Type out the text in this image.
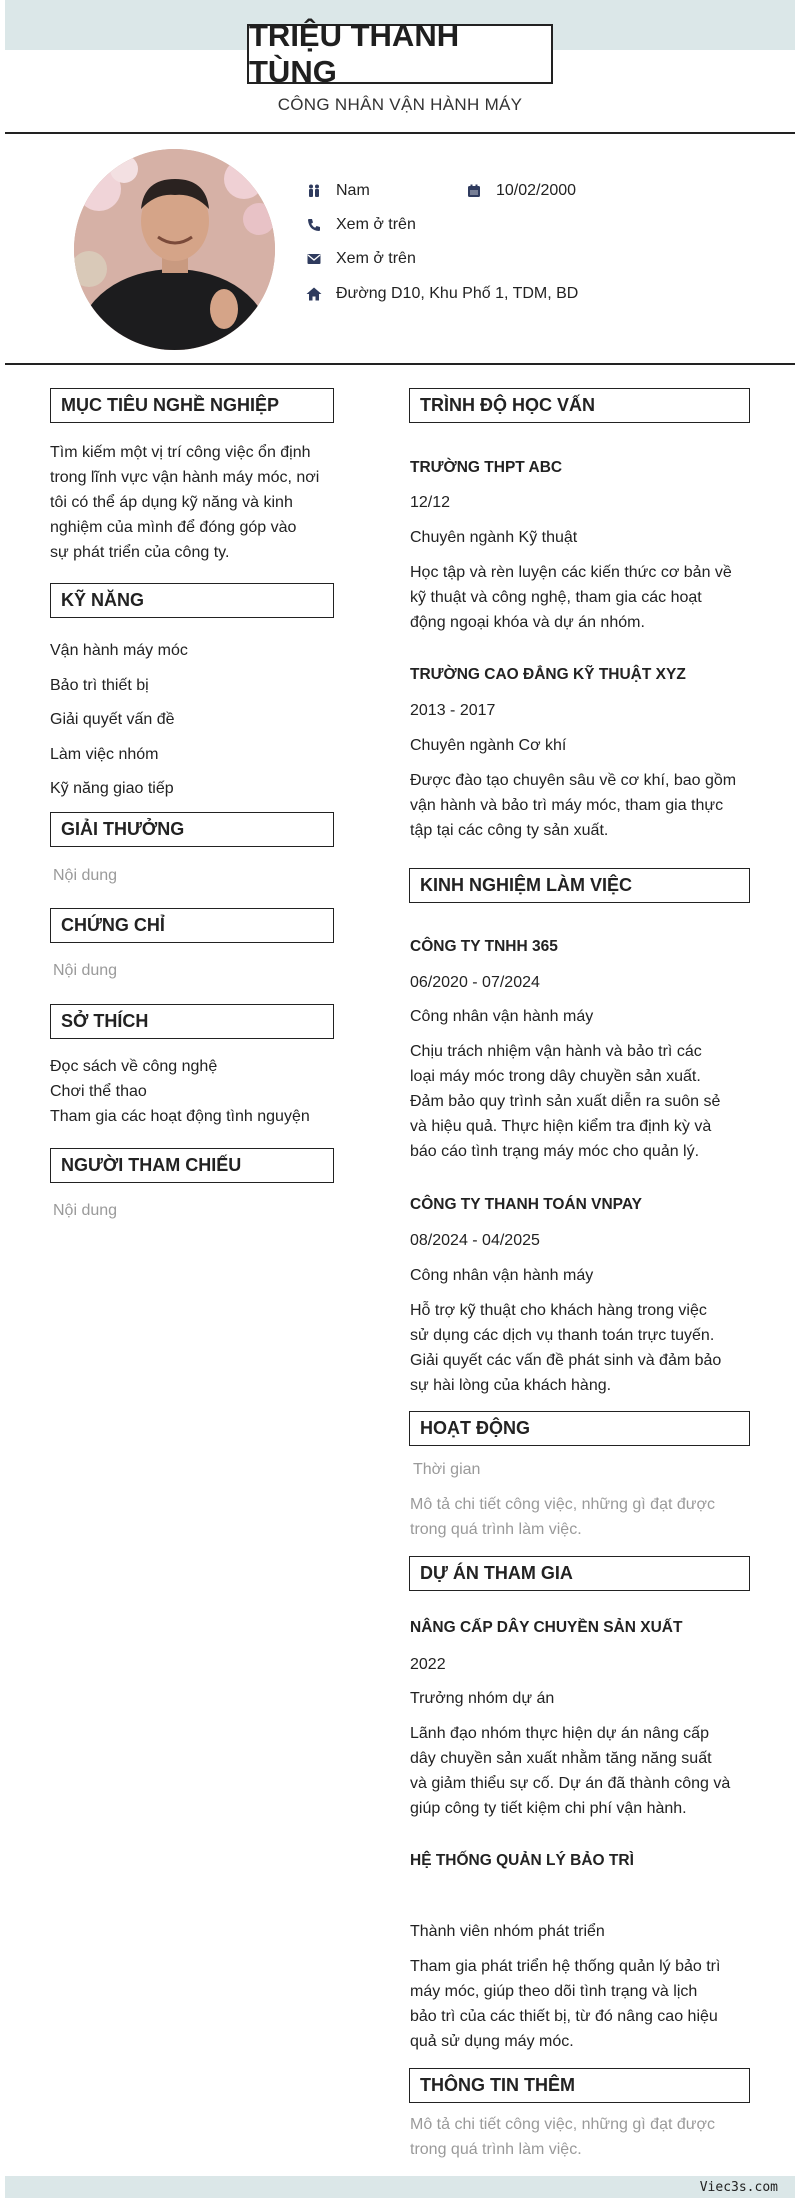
TRIỆU THANH TÙNG
CÔNG NHÂN VẬN HÀNH MÁY
Nam	10/02/2000
Xem ở trên
Xem ở trên
Đường D10, Khu Phố 1, TDM, BD
MỤC TIÊU NGHỀ NGHIỆP
Tìm kiếm một vị trí công việc ổn định
trong lĩnh vực vận hành máy móc, nơi
tôi có thể áp dụng kỹ năng và kinh
nghiệm của mình để đóng góp vào
sự phát triển của công ty.
KỸ NĂNG
Vận hành máy móc
Bảo trì thiết bị
Giải quyết vấn đề
Làm việc nhóm
Kỹ năng giao tiếp
GIẢI THƯỞNG
Nội dung
CHỨNG CHỈ
Nội dung
SỞ THÍCH
Đọc sách về công nghệ
Chơi thể thao
Tham gia các hoạt động tình nguyện
NGƯỜI THAM CHIẾU
Nội dung
TRÌNH ĐỘ HỌC VẤN
TRƯỜNG THPT ABC
12/12
Chuyên ngành Kỹ thuật
Học tập và rèn luyện các kiến thức cơ bản về
kỹ thuật và công nghệ, tham gia các hoạt
động ngoại khóa và dự án nhóm.
TRƯỜNG CAO ĐẲNG KỸ THUẬT XYZ
2013 - 2017
Chuyên ngành Cơ khí
Được đào tạo chuyên sâu về cơ khí, bao gồm
vận hành và bảo trì máy móc, tham gia thực
tập tại các công ty sản xuất.
KINH NGHIỆM LÀM VIỆC
CÔNG TY TNHH 365
06/2020 - 07/2024
Công nhân vận hành máy
Chịu trách nhiệm vận hành và bảo trì các
loại máy móc trong dây chuyền sản xuất.
Đảm bảo quy trình sản xuất diễn ra suôn sẻ
và hiệu quả. Thực hiện kiểm tra định kỳ và
báo cáo tình trạng máy móc cho quản lý.
CÔNG TY THANH TOÁN VNPAY
08/2024 - 04/2025
Công nhân vận hành máy
Hỗ trợ kỹ thuật cho khách hàng trong việc
sử dụng các dịch vụ thanh toán trực tuyến.
Giải quyết các vấn đề phát sinh và đảm bảo
sự hài lòng của khách hàng.
HOẠT ĐỘNG
Thời gian
Mô tả chi tiết công việc, những gì đạt được
trong quá trình làm việc.
DỰ ÁN THAM GIA
NÂNG CẤP DÂY CHUYỀN SẢN XUẤT
2022
Trưởng nhóm dự án
Lãnh đạo nhóm thực hiện dự án nâng cấp
dây chuyền sản xuất nhằm tăng năng suất
và giảm thiểu sự cố. Dự án đã thành công và
giúp công ty tiết kiệm chi phí vận hành.
HỆ THỐNG QUẢN LÝ BẢO TRÌ
Thành viên nhóm phát triển
Tham gia phát triển hệ thống quản lý bảo trì
máy móc, giúp theo dõi tình trạng và lịch
bảo trì của các thiết bị, từ đó nâng cao hiệu
quả sử dụng máy móc.
THÔNG TIN THÊM
Mô tả chi tiết công việc, những gì đạt được
trong quá trình làm việc.
Viec3s.com
